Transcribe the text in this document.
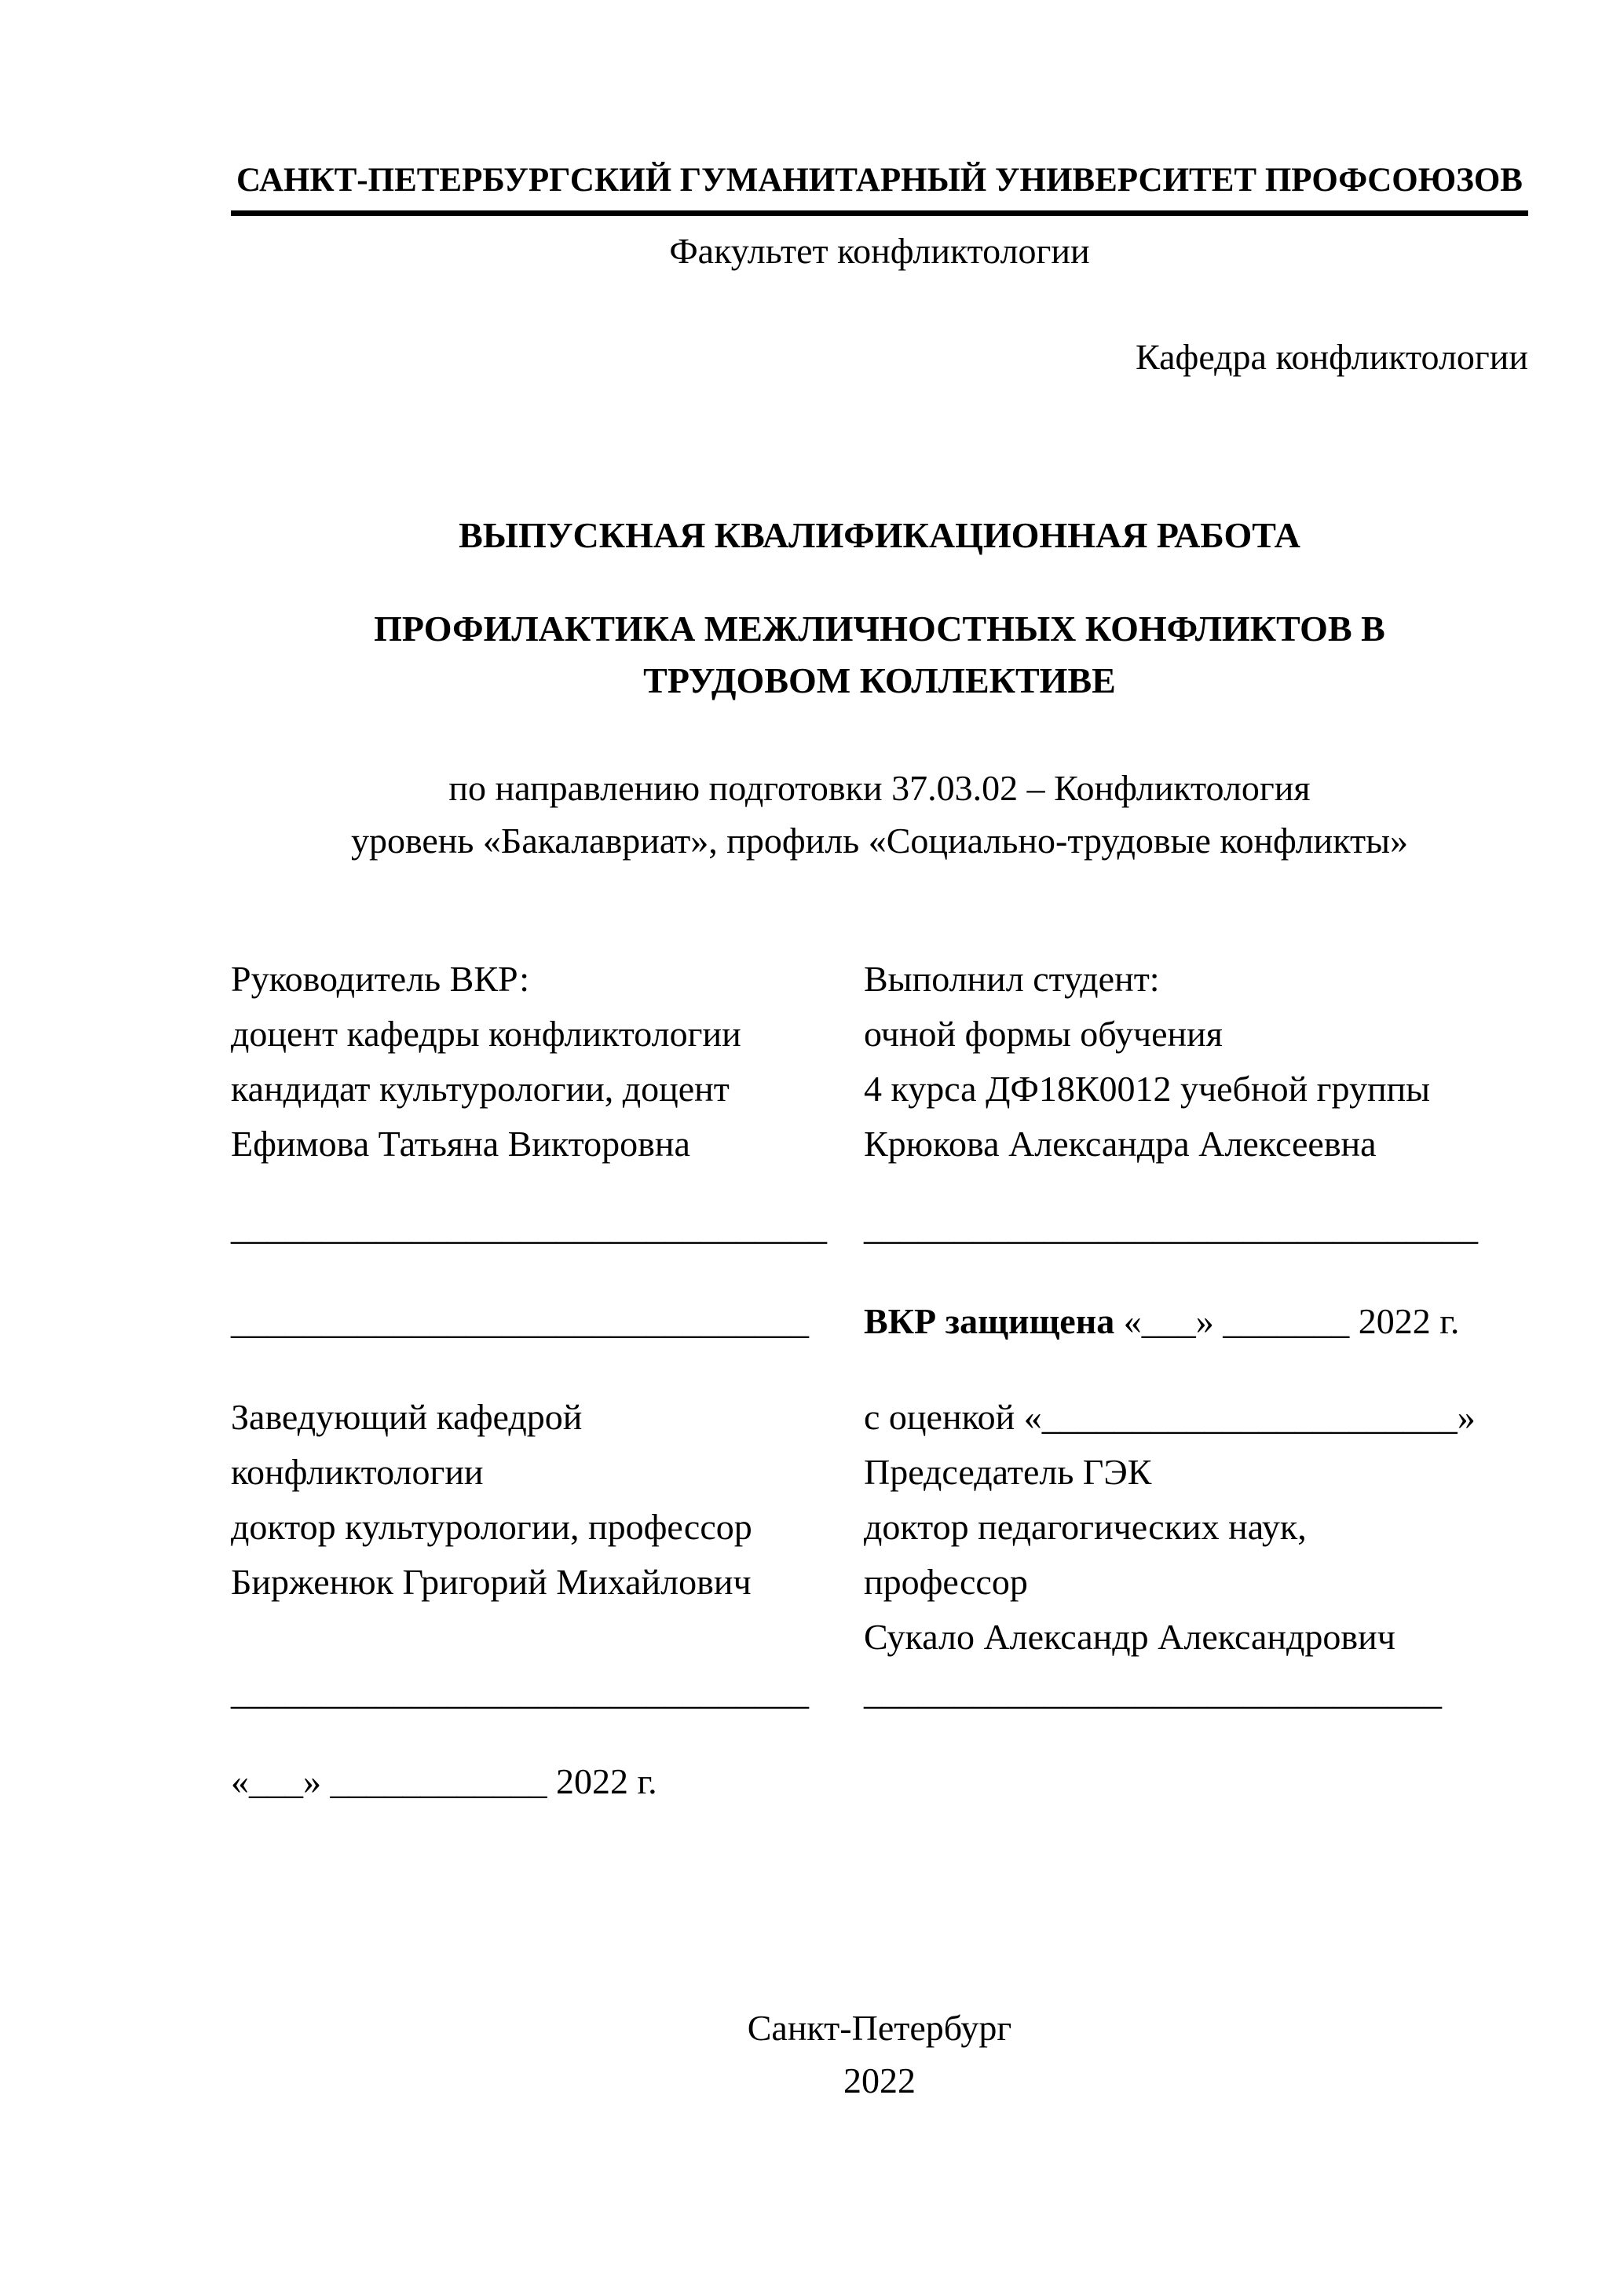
САНКТ-ПЕТЕРБУРГСКИЙ ГУМАНИТАРНЫЙ УНИВЕРСИТЕТ ПРОФСОЮЗОВ
Факультет конфликтологии
Кафедра конфликтологии
ВЫПУСКНАЯ КВАЛИФИКАЦИОННАЯ РАБОТА
ПРОФИЛАКТИКА МЕЖЛИЧНОСТНЫХ КОНФЛИКТОВ В
ТРУДОВОМ КОЛЛЕКТИВЕ
по направлению подготовки 37.03.02 – Конфликтология
уровень «Бакалавриат», профиль «Социально-трудовые конфликты»
Руководитель ВКР:
доцент кафедры конфликтологии
кандидат культурологии, доцент
Ефимова Татьяна Викторовна
Выполнил студент:
очной формы обучения
4 курса ДФ18К0012 учебной группы
Крюкова Александра Алексеевна
_________________________________	__________________________________
________________________________	ВКР защищена «___» _______ 2022 г.
Заведующий кафедрой
конфликтологии
доктор культурологии, профессор
Бирженюк Григорий Михайлович
с оценкой «_______________________»
Председатель ГЭК
доктор педагогических наук,
профессор
Сукало Александр Александрович
________________________________	________________________________
«___» ____________ 2022 г.
Санкт-Петербург
2022
